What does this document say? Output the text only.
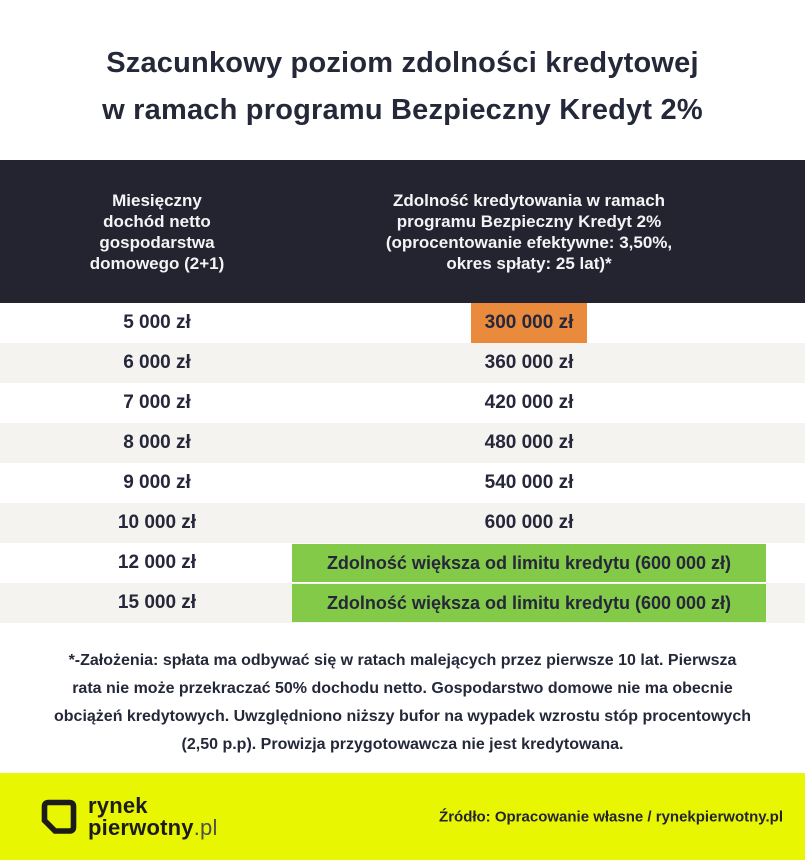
Szacunkowy poziom zdolności kredytowej
w ramach programu Bezpieczny Kredyt 2%
Miesięczny
dochód netto
gospodarstwa
domowego (2+1)
Zdolność kredytowania w ramach
programu Bezpieczny Kredyt 2%
(oprocentowanie efektywne: 3,50%,
okres spłaty: 25 lat)*
5 000 zł	300 000 zł
6 000 zł	360 000 zł
7 000 zł	420 000 zł
8 000 zł	480 000 zł
9 000 zł	540 000 zł
10 000 zł	600 000 zł
12 000 zł	Zdolność większa od limitu kredytu (600 000 zł)
15 000 zł	Zdolność większa od limitu kredytu (600 000 zł)
*-Założenia: spłata ma odbywać się w ratach malejących przez pierwsze 10 lat. Pierwsza
rata nie może przekraczać 50% dochodu netto. Gospodarstwo domowe nie ma obecnie
obciążeń kredytowych. Uwzględniono niższy bufor na wypadek wzrostu stóp procentowych
(2,50 p.p). Prowizja przygotowawcza nie jest kredytowana.
rynek
pierwotny.pl	Źródło: Opracowanie własne / rynekpierwotny.pl
